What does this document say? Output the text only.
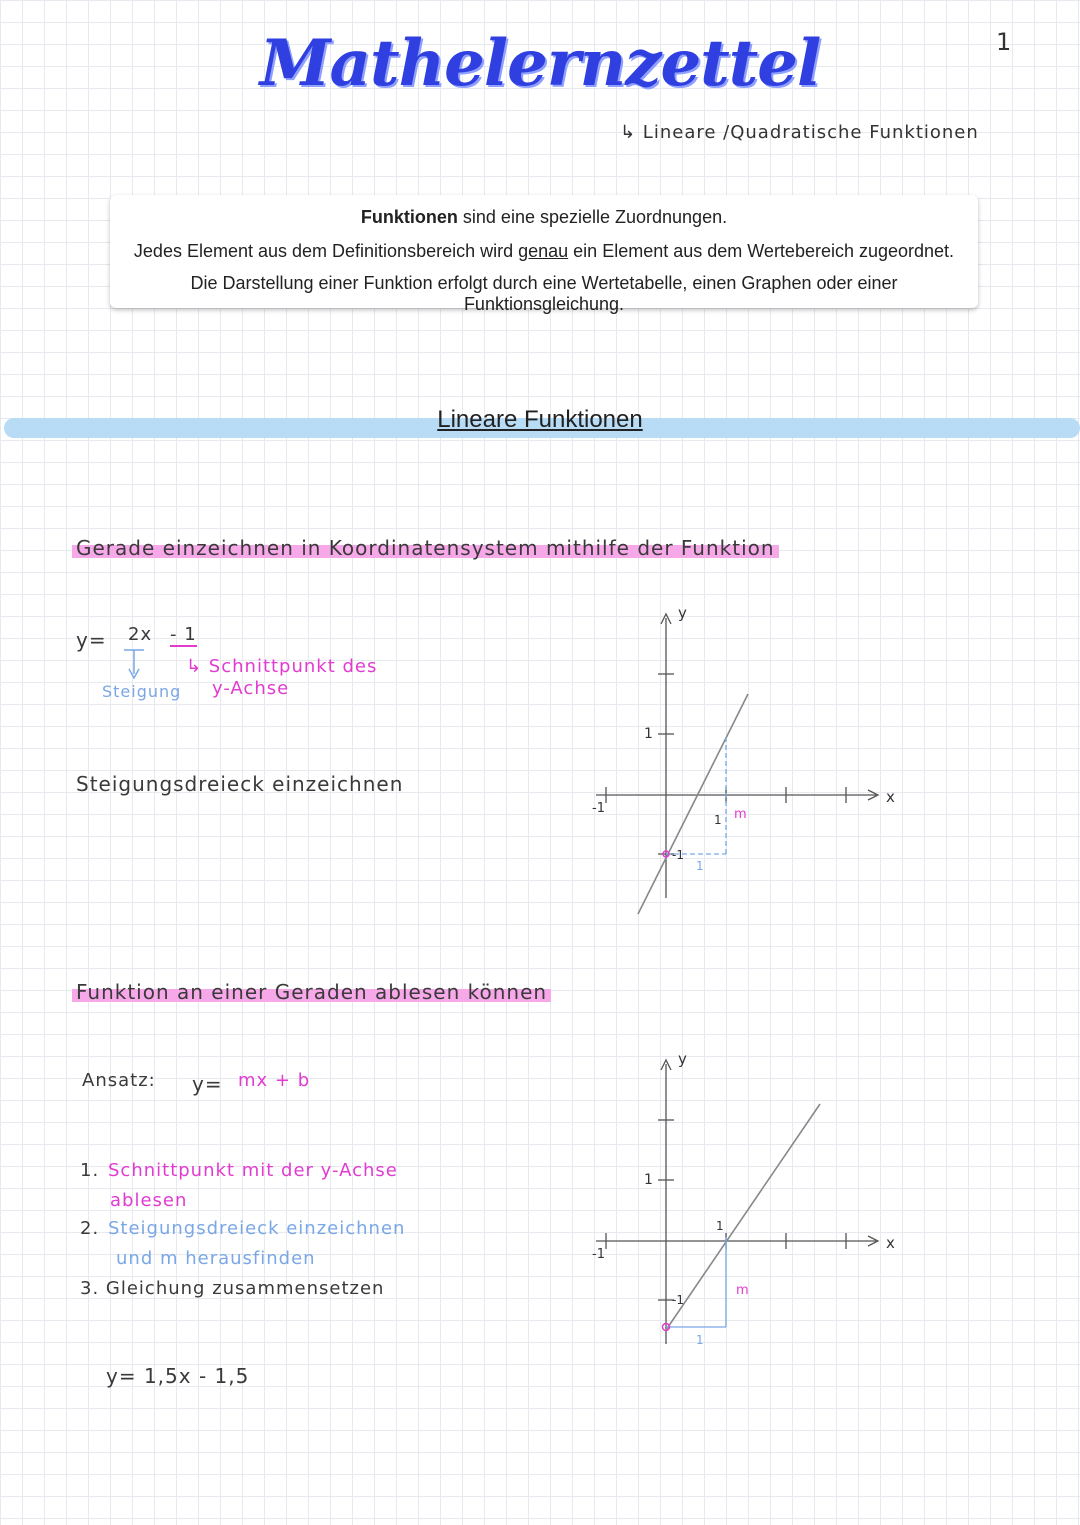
Mathelernzettel	1
↳ Lineare /Quadratische Funktionen
Funktionen sind eine spezielle Zuordnungen.
Jedes Element aus dem Definitionsbereich wird genau ein Element aus dem Wertebereich zugeordnet.
Die Darstellung einer Funktion erfolgt durch eine Wertetabelle, einen Graphen oder einer Funktionsgleichung.
Lineare Funktionen
Gerade einzeichnen in Koordinatensystem mithilfe der Funktion
y= 2x - 1
Steigung
↳ Schnittpunkt des
y-Achse
Steigungsdreieck einzeichnen
y
x
1
-1
-1
1
1 m
Funktion an einer Geraden ablesen können
Ansatz: y= mx + b
1. Schnittpunkt mit der y-Achse
ablesen
2. Steigungsdreieck einzeichnen
und m herausfinden
3. Gleichung zusammensetzen
y= 1,5x - 1,5
y
x
1
-1
-1
1
1
m
